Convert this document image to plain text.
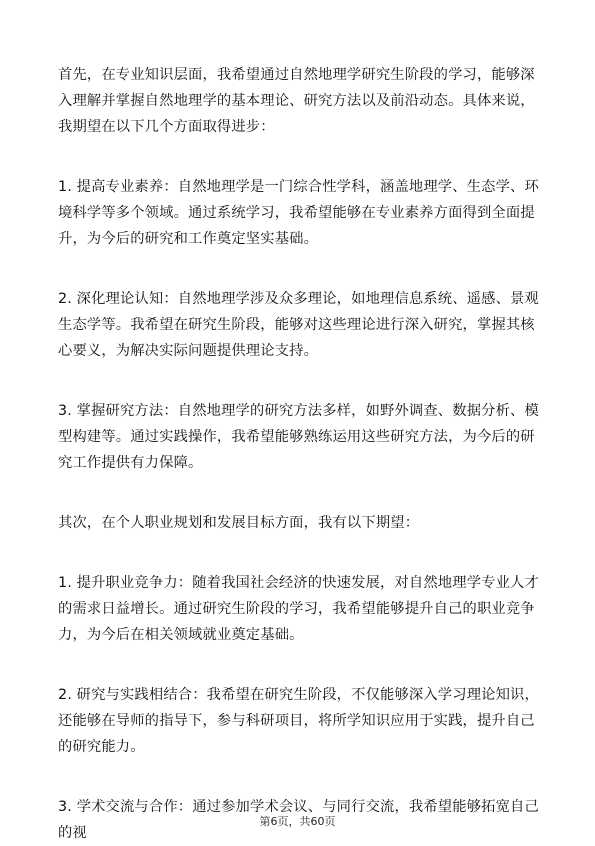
首先，在专业知识层面，我希望通过自然地理学研究生阶段的学习，能够深入理解并掌握自然地理学的基本理论、研究方法以及前沿动态。具体来说，我期望在以下几个方面取得进步：

1. 提高专业素养：自然地理学是一门综合性学科，涵盖地理学、生态学、环境科学等多个领域。通过系统学习，我希望能够在专业素养方面得到全面提升，为今后的研究和工作奠定坚实基础。

2. 深化理论认知：自然地理学涉及众多理论，如地理信息系统、遥感、景观生态学等。我希望在研究生阶段，能够对这些理论进行深入研究，掌握其核心要义，为解决实际问题提供理论支持。

3. 掌握研究方法：自然地理学的研究方法多样，如野外调查、数据分析、模型构建等。通过实践操作，我希望能够熟练运用这些研究方法，为今后的研究工作提供有力保障。

其次，在个人职业规划和发展目标方面，我有以下期望：

1. 提升职业竞争力：随着我国社会经济的快速发展，对自然地理学专业人才的需求日益增长。通过研究生阶段的学习，我希望能够提升自己的职业竞争力，为今后在相关领域就业奠定基础。

2. 研究与实践相结合：我希望在研究生阶段，不仅能够深入学习理论知识，还能够在导师的指导下，参与科研项目，将所学知识应用于实践，提升自己的研究能力。

3. 学术交流与合作：通过参加学术会议、与同行交流，我希望能够拓宽自己的视

第6页，共60页
